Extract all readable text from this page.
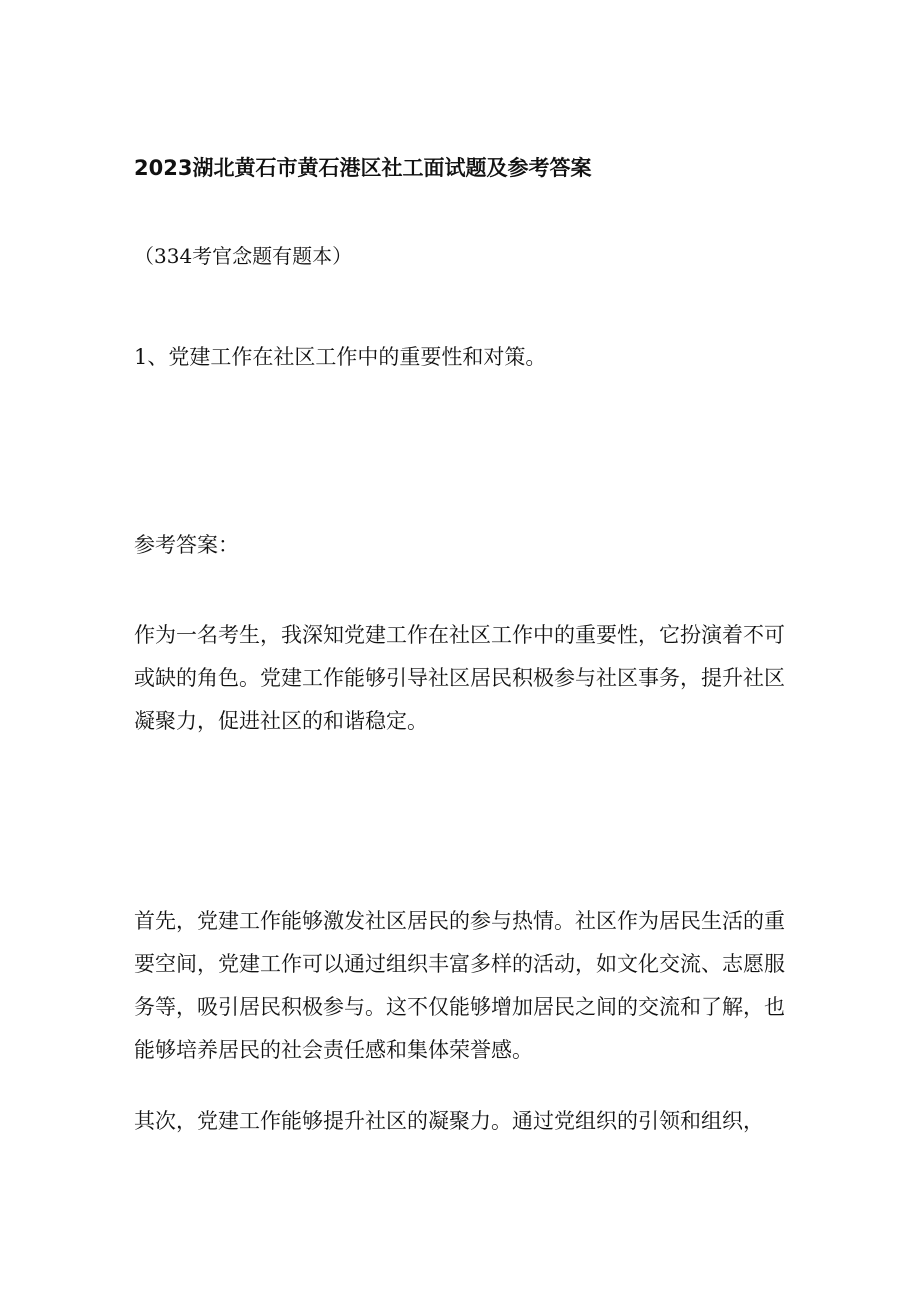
2023湖北黄石市黄石港区社工面试题及参考答案

（334考官念题有题本）

1、党建工作在社区工作中的重要性和对策。

参考答案：

作为一名考生，我深知党建工作在社区工作中的重要性，它扮演着不可或缺的角色。党建工作能够引导社区居民积极参与社区事务，提升社区凝聚力，促进社区的和谐稳定。

首先，党建工作能够激发社区居民的参与热情。社区作为居民生活的重要空间，党建工作可以通过组织丰富多样的活动，如文化交流、志愿服务等，吸引居民积极参与。这不仅能够增加居民之间的交流和了解，也能够培养居民的社会责任感和集体荣誉感。

其次，党建工作能够提升社区的凝聚力。通过党组织的引领和组织，
